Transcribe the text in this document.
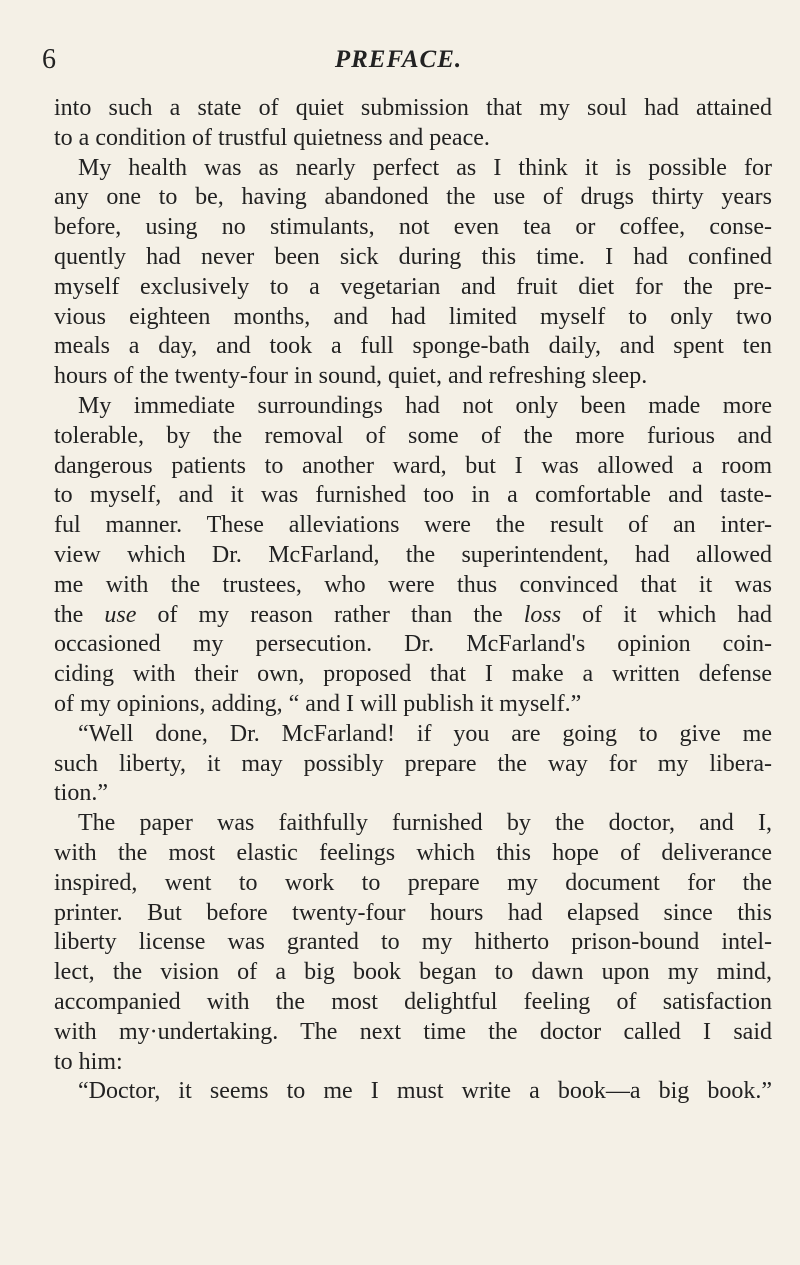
6	PREFACE.
into such a state of quiet submission that my soul had attained
to a condition of trustful quietness and peace.
My health was as nearly perfect as I think it is possible for
any one to be, having abandoned the use of drugs thirty years
before, using no stimulants, not even tea or coffee, conse-
quently had never been sick during this time. I had confined
myself exclusively to a vegetarian and fruit diet for the pre-
vious eighteen months, and had limited myself to only two
meals a day, and took a full sponge-bath daily, and spent ten
hours of the twenty-four in sound, quiet, and refreshing sleep.
My immediate surroundings had not only been made more
tolerable, by the removal of some of the more furious and
dangerous patients to another ward, but I was allowed a room
to myself, and it was furnished too in a comfortable and taste-
ful manner. These alleviations were the result of an inter-
view which Dr. McFarland, the superintendent, had allowed
me with the trustees, who were thus convinced that it was
the use of my reason rather than the loss of it which had
occasioned my persecution. Dr. McFarland's opinion coin-
ciding with their own, proposed that I make a written defense
of my opinions, adding, “ and I will publish it myself.”
“Well done, Dr. McFarland! if you are going to give me
such liberty, it may possibly prepare the way for my libera-
tion.”
The paper was faithfully furnished by the doctor, and I,
with the most elastic feelings which this hope of deliverance
inspired, went to work to prepare my document for the
printer. But before twenty-four hours had elapsed since this
liberty license was granted to my hitherto prison-bound intel-
lect, the vision of a big book began to dawn upon my mind,
accompanied with the most delightful feeling of satisfaction
with my·undertaking. The next time the doctor called I said
to him:
“Doctor, it seems to me I must write a book—a big book.”
